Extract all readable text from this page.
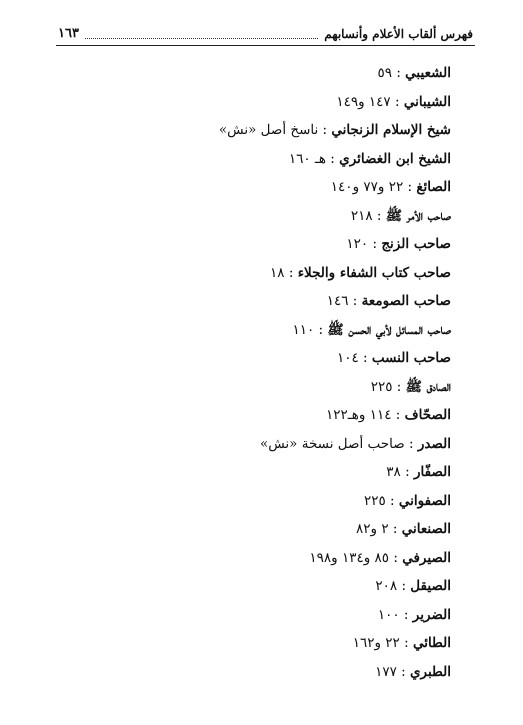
فهرس ألقاب الأعلام وأنسابهم
١٦٣
الشعيبي : ٥٩
الشيباني : ١٤٧ و١٤٩
شيخ الإسلام الزنجاني : ناسخ أصل «نش»
الشيخ ابن الغضائري : هـ ١٦٠
الصائغ : ٢٢ و٧٧ و١٤٠
صاحب الأمر ﷺ : ٢١٨
صاحب الزنج : ١٢٠
صاحب كتاب الشفاء والجلاء : ١٨
صاحب الصومعة : ١٤٦
صاحب المسائل لأبي الحسن ﷺ : ١١٠
صاحب النسب : ١٠٤
الصادق ﷺ : ٢٢٥
الصحّاف : ١١٤ وهـ١٢٢
الصدر : صاحب أصل نسخة «نش»
الصفّار : ٣٨
الصفواني : ٢٢٥
الصنعاني : ٢ و٨٢
الصيرفي : ٨٥ و١٣٤ و١٩٨
الصيقل : ٢٠٨
الضرير : ١٠٠
الطائي : ٢٢ و١٦٢
الطبري : ١٧٧
